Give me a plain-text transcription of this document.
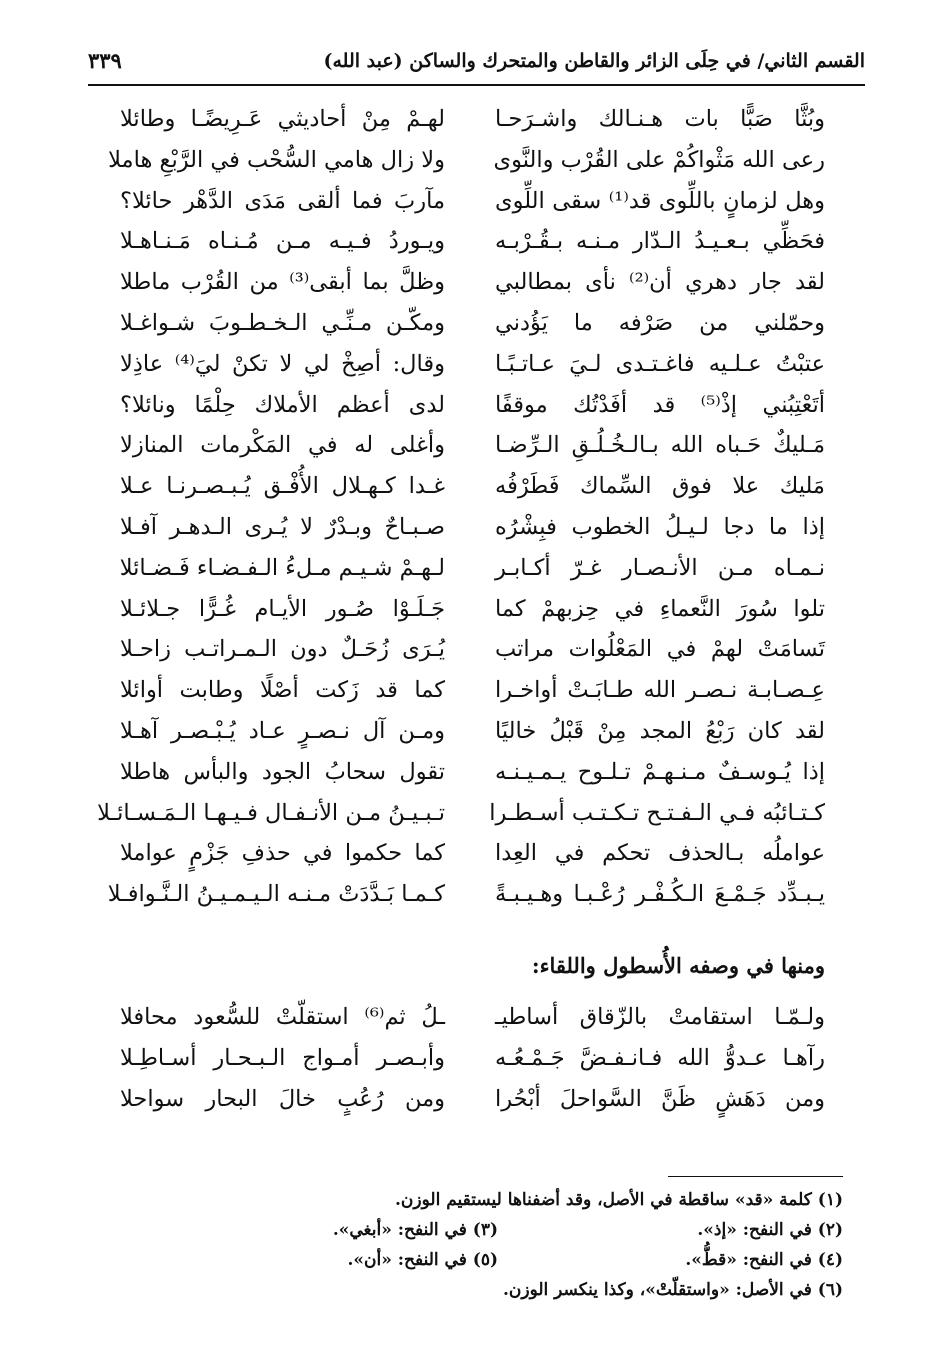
القسم الثاني/ في حِلَى الزائر والقاطن والمتحرك والساكن (عبد الله)
٣٣٩
وبُثَّا صَبًّا بات هـنـالك واشـرَحـا
لهـمْ مِنْ أحاديثي عَـرِيضًـا وطائلا
رعى الله مَثْواكُمْ على القُرْب والنَّوى
ولا زال هامي السُّحْب في الرَّبْعِ هاملا
وهل لزمانٍ باللِّوى قد⁽¹⁾ سقى اللِّوى
مآربَ فما ألقى مَدَى الدَّهْر حائلا؟
فحَظِّي بـعـيـدُ الـدّار مـنـه بـقُـرْبـه
ويـوردُ فـيـه مـن مُـنـاه مَـنـاهـلا
لقد جار دهري أن⁽²⁾ نأى بمطالبي
وظلَّ بما أبقى⁽³⁾ من القُرْب ماطلا
وحمّلني من صَرْفه ما يَؤُدني
ومكّـن مـنِّـي الـخـطـوبَ شـواغـلا
عتبْتُ عـلـيه فاغـتـدى لـيَ عـاتـبًـا
وقال: أصِخْ لي لا تكنْ ليَ⁽⁴⁾ عاذِلا
أتَعْتِبُني إذْ⁽⁵⁾ قد أفَدْتُك موقفًا
لدى أعظم الأملاك حِلْمًا ونائلا؟
مَـليكٌ حَـباه الله بـالـخُـلُـقِ الـرِّضـا
وأغلى له في المَكْرمات المنازلا
مَليك علا فوق السِّماك فَطَرْفُه
غـدا كـهـلال الأُفْـق يُـبـصـرنـا عـلا
إذا ما دجا لـيـلُ الخطوب فبِشْرُه
صـبـاحٌ وبـدْرٌ لا يُـرى الـدهـر آفـلا
نـمـاه مـن الأنـصـار غـرّ أكـابـر
لـهـمْ شـيـم مـلءُ الـفـضـاء فَـضـائلا
تلوا سُورَ النَّعماءِ في حِزبهمْ كما
جَـلَـوْا صُـور الأيـام غُـرًّا جـلائـلا
تَسامَتْ لهمْ في المَعْلُوات مراتب
يُـرَى زُحَـلٌ دون الـمـراتـب زاحـلا
عِـصـابـة نـصـر الله طـابَـتْ أواخـرا
كما قد زَكت أصْلًا وطابت أوائلا
لقد كان رَبْعُ المجد مِنْ قَبْلُ خاليًا
ومـن آل نـصـرٍ عـاد يُـبْـصـر آهـلا
إذا يُـوسـفٌ مـنـهـمْ تـلـوح يـمـيـنـه
تقول سحابُ الجود والبأس هاطلا
كـتـائبُه فـي الـفـتـح تـكـتـب أسـطـرا
تـبـيـنُ مـن الأنـفـال فـيـهـا الـمَـسـائـلا
عواملُه بـالحذف تحكم في العِدا
كما حكموا في حذفِ جَزْمٍ عواملا
يـبـدِّد جَـمْـعَ الـكُـفْـر رُعْـبـا وهـيـبـةً
كـمـا بَـدَّدَتْ مـنـه الـيـمـيـنُ الـنَّـوافـلا
ومنها في وصفه الأُسطول واللقاء:
ولـمّـا استقامتْ بالزّقاق أساطيـ
ـلُ ثم⁽⁶⁾ استقلّتْ للسُّعود محافلا
رآهـا عـدوُّ الله فـانـفـضَّ جَـمْـعُـه
وأبـصـر أمـواج الـبـحـار أسـاطِـلا
ومن دَهَشٍ ظَنَّ السَّواحلَ أبْحُرا
ومن رُعُبٍ خالَ البحار سواحلا
(١) كلمة «قد» ساقطة في الأصل، وقد أضفناها ليستقيم الوزن.
(٢) في النفح: «إذ».
(٣) في النفح: «أبغي».
(٤) في النفح: «قطُّ».
(٥) في النفح: «أن».
(٦) في الأصل: «واستقلّتْ»، وكذا ينكسر الوزن.
